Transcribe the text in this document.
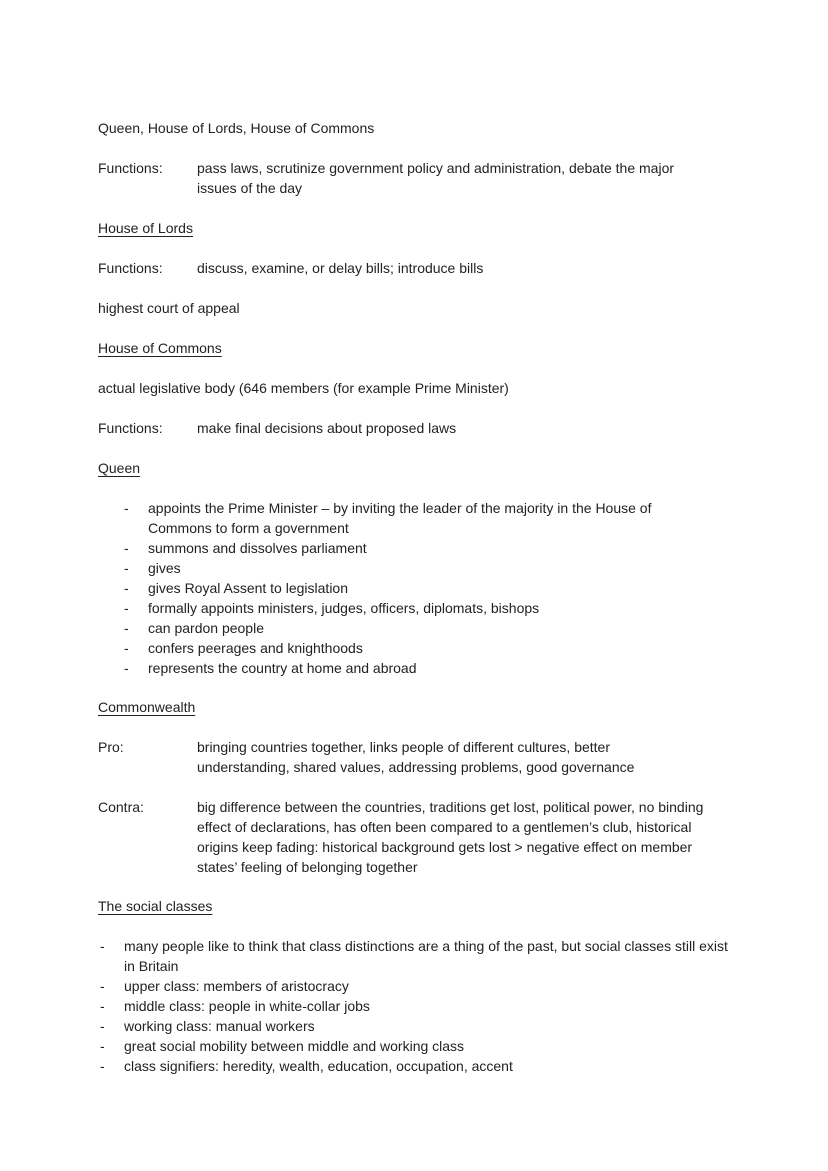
Queen, House of Lords, House of Commons

Functions: pass laws, scrutinize government policy and administration, debate the major issues of the day

House of Lords

Functions: discuss, examine, or delay bills; introduce bills

highest court of appeal

House of Commons

actual legislative body (646 members (for example Prime Minister)

Functions: make final decisions about proposed laws

Queen

- appoints the Prime Minister – by inviting the leader of the majority in the House of Commons to form a government
- summons and dissolves parliament
- gives
- gives Royal Assent to legislation
- formally appoints ministers, judges, officers, diplomats, bishops
- can pardon people
- confers peerages and knighthoods
- represents the country at home and abroad

Commonwealth

Pro:	bringing countries together, links people of different cultures, better understanding, shared values, addressing problems, good governance

Contra:	big difference between the countries, traditions get lost, political power, no binding effect of declarations, has often been compared to a gentlemen’s club, historical origins keep fading: historical background gets lost > negative effect on member states’ feeling of belonging together

The social classes

- many people like to think that class distinctions are a thing of the past, but social classes still exist in Britain
- upper class: members of aristocracy
- middle class: people in white-collar jobs
- working class: manual workers
- great social mobility between middle and working class
- class signifiers: heredity, wealth, education, occupation, accent
